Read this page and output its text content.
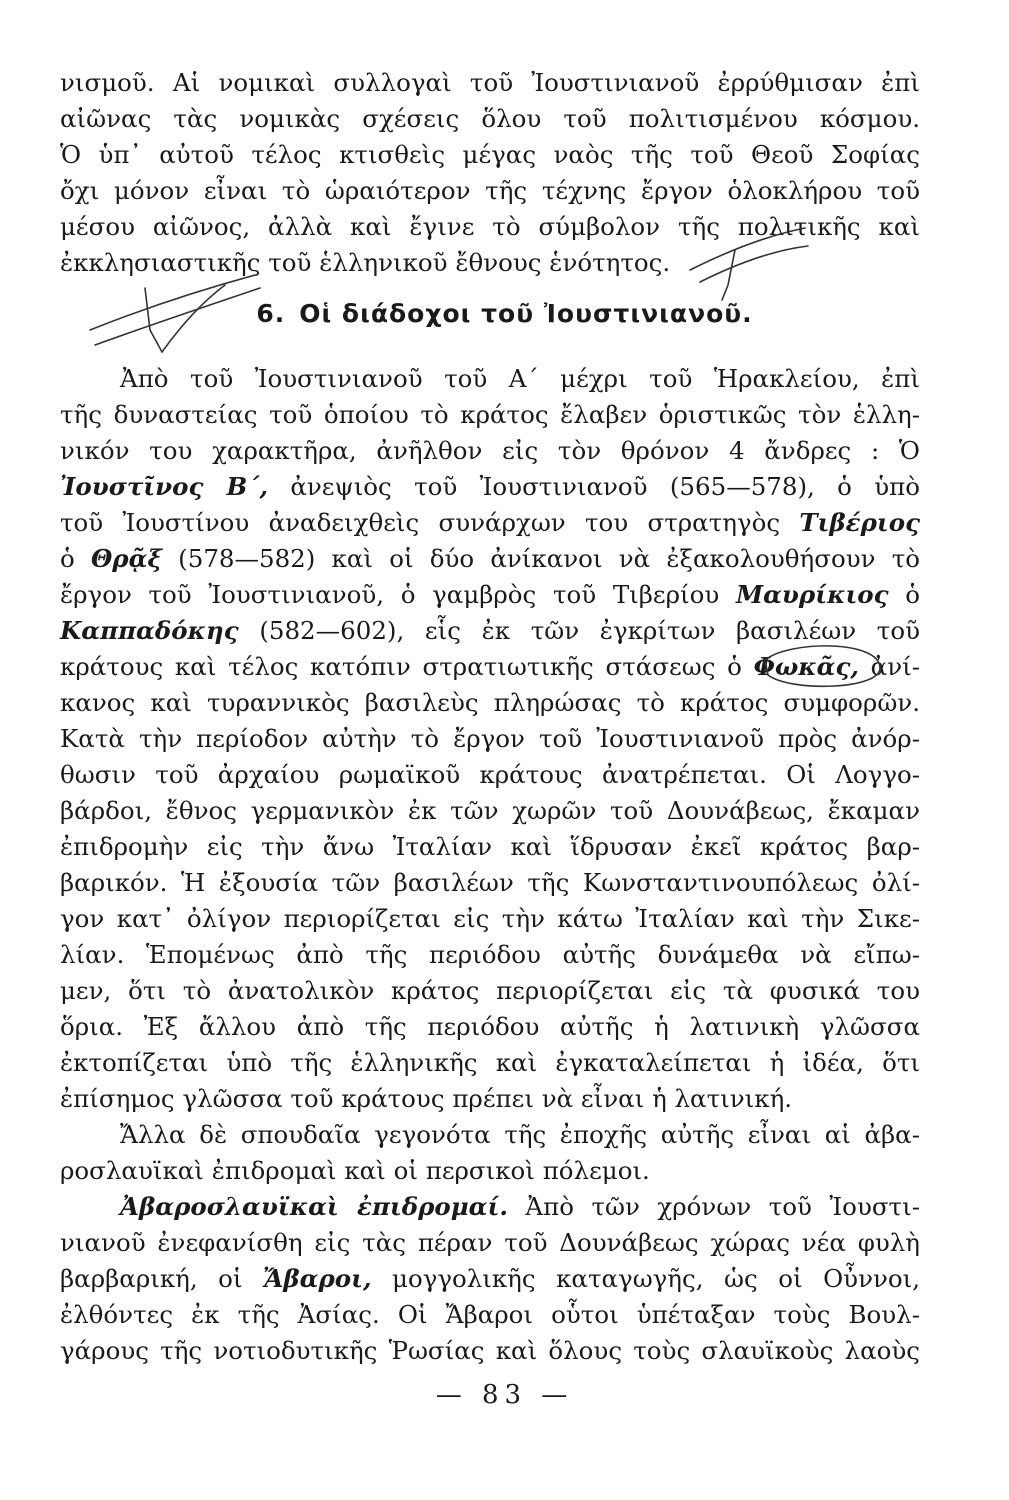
νισμοῦ. Αἱ νομικαὶ συλλογαὶ τοῦ Ἰουστινιανοῦ ἐρρύθμισαν ἐπὶ
αἰῶνας τὰς νομικὰς σχέσεις ὅλου τοῦ πολιτισμένου κόσμου.
Ὁ ὑπ᾿ αὐτοῦ τέλος κτισθεὶς μέγας ναὸς τῆς τοῦ Θεοῦ Σοφίας
ὄχι μόνον εἶναι τὸ ὡραιότερον τῆς τέχνης ἔργον ὁλοκλήρου τοῦ
μέσου αἰῶνος, ἀλλὰ καὶ ἔγινε τὸ σύμβολον τῆς πολιτικῆς καὶ
ἐκκλησιαστικῆς τοῦ ἑλληνικοῦ ἔθνους ἑνότητος.
6. Οἱ διάδοχοι τοῦ Ἰουστινιανοῦ.
Ἀπὸ τοῦ Ἰουστινιανοῦ τοῦ Α΄ μέχρι τοῦ Ἡρακλείου, ἐπὶ
τῆς δυναστείας τοῦ ὁποίου τὸ κράτος ἔλαβεν ὁριστικῶς τὸν ἑλλη-
νικόν του χαρακτῆρα, ἀνῆλθον εἰς τὸν θρόνον 4 ἄνδρες : Ὁ
Ἰουστῖνος Β΄, ἀνεψιὸς τοῦ Ἰουστινιανοῦ (565—578), ὁ ὑπὸ
τοῦ Ἰουστίνου ἀναδειχθεὶς συνάρχων του στρατηγὸς Τιβέριος
ὁ Θρᾷξ (578—582) καὶ οἱ δύο ἀνίκανοι νὰ ἐξακολουθήσουν τὸ
ἔργον τοῦ Ἰουστινιανοῦ, ὁ γαμβρὸς τοῦ Τιβερίου Μαυρίκιος ὁ
Καππαδόκης (582—602), εἷς ἐκ τῶν ἐγκρίτων βασιλέων τοῦ
κράτους καὶ τέλος κατόπιν στρατιωτικῆς στάσεως ὁ Φωκᾶς, ἀνί-
κανος καὶ τυραννικὸς βασιλεὺς πληρώσας τὸ κράτος συμφορῶν.
Κατὰ τὴν περίοδον αὐτὴν τὸ ἔργον τοῦ Ἰουστινιανοῦ πρὸς ἀνόρ-
θωσιν τοῦ ἀρχαίου ρωμαϊκοῦ κράτους ἀνατρέπεται. Οἱ Λογγο-
βάρδοι, ἔθνος γερμανικὸν ἐκ τῶν χωρῶν τοῦ Δουνάβεως, ἔκαμαν
ἐπιδρομὴν εἰς τὴν ἄνω Ἰταλίαν καὶ ἵδρυσαν ἐκεῖ κράτος βαρ-
βαρικόν. Ἡ ἐξουσία τῶν βασιλέων τῆς Κωνσταντινουπόλεως ὀλί-
γον κατ᾿ ὀλίγον περιορίζεται εἰς τὴν κάτω Ἰταλίαν καὶ τὴν Σικε-
λίαν. Ἑπομένως ἀπὸ τῆς περιόδου αὐτῆς δυνάμεθα νὰ εἴπω-
μεν, ὅτι τὸ ἀνατολικὸν κράτος περιορίζεται εἰς τὰ φυσικά του
ὅρια. Ἐξ ἄλλου ἀπὸ τῆς περιόδου αὐτῆς ἡ λατινικὴ γλῶσσα
ἐκτοπίζεται ὑπὸ τῆς ἑλληνικῆς καὶ ἐγκαταλείπεται ἡ ἰδέα, ὅτι
ἐπίσημος γλῶσσα τοῦ κράτους πρέπει νὰ εἶναι ἡ λατινική.
Ἄλλα δὲ σπουδαῖα γεγονότα τῆς ἐποχῆς αὐτῆς εἶναι αἱ ἀβα-
ροσλαυϊκαὶ ἐπιδρομαὶ καὶ οἱ περσικοὶ πόλεμοι.
Ἀβαροσλαυϊκαὶ ἐπιδρομαί. Ἀπὸ τῶν χρόνων τοῦ Ἰουστι-
νιανοῦ ἐνεφανίσθη εἰς τὰς πέραν τοῦ Δουνάβεως χώρας νέα φυλὴ
βαρβαρική, οἱ Ἄβαροι, μογγολικῆς καταγωγῆς, ὡς οἱ Οὖννοι,
ἐλθόντες ἐκ τῆς Ἀσίας. Οἱ Ἄβαροι οὗτοι ὑπέταξαν τοὺς Βουλ-
γάρους τῆς νοτιοδυτικῆς Ῥωσίας καὶ ὅλους τοὺς σλαυϊκοὺς λαοὺς
— 83 —
